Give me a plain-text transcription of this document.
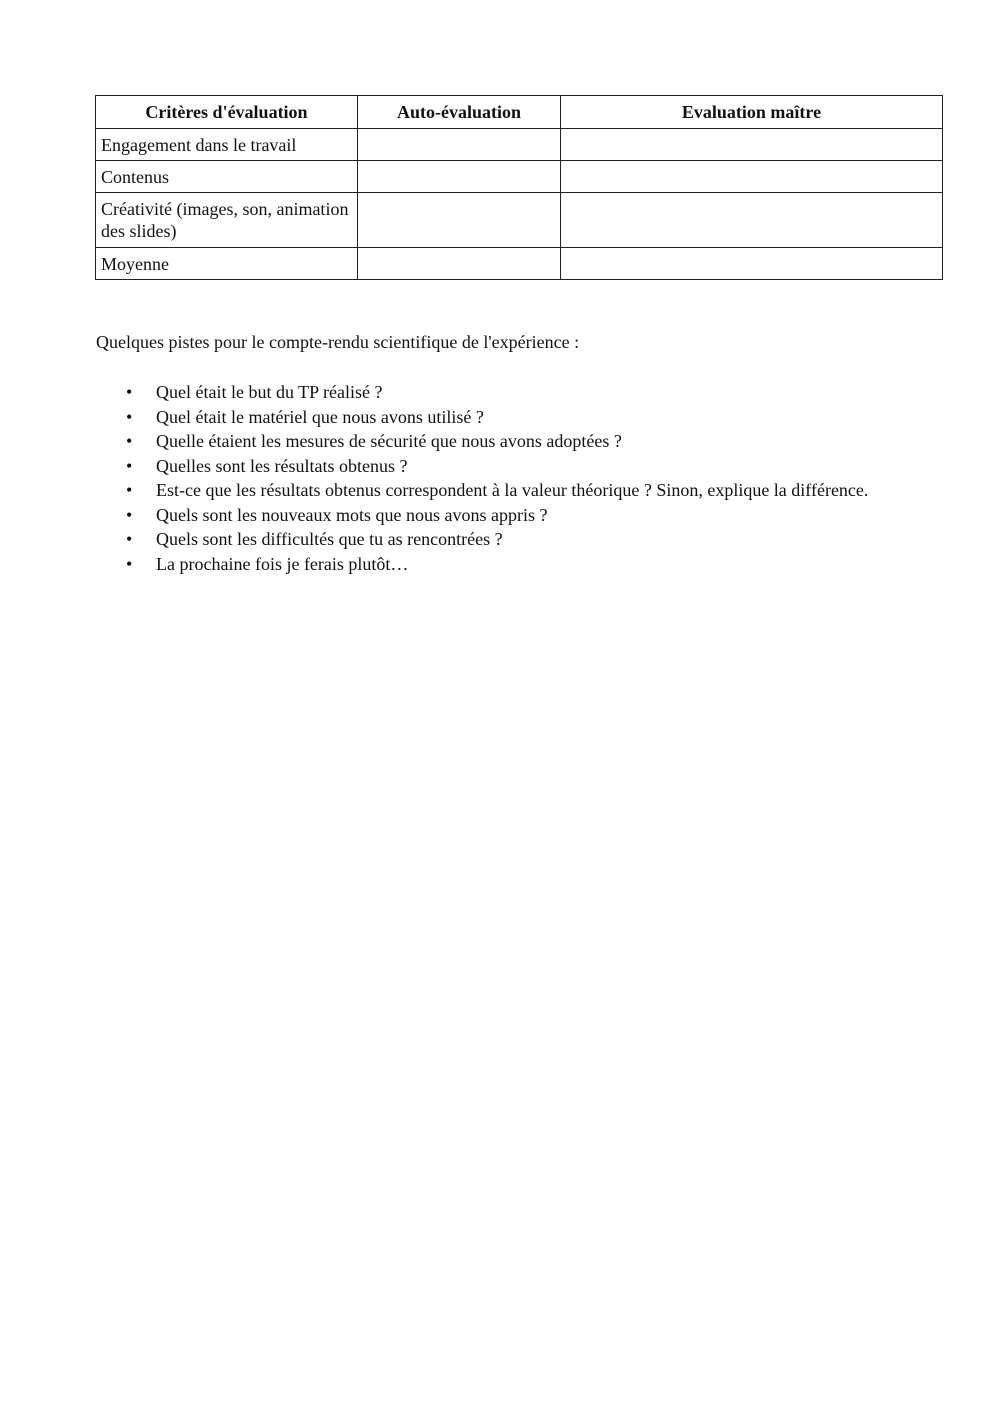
Critères d'évaluation	Auto-évaluation	Evaluation maître
Engagement dans le travail		
Contenus		
Créativité (images, son, animation des slides)		
Moyenne		

Quelques pistes pour le compte-rendu scientifique de l'expérience :

• Quel était le but du TP réalisé ?
• Quel était le matériel que nous avons utilisé ?
• Quelle étaient les mesures de sécurité que nous avons adoptées ?
• Quelles sont les résultats obtenus ?
• Est-ce que les résultats obtenus correspondent à la valeur théorique ? Sinon, explique la différence.
• Quels sont les nouveaux mots que nous avons appris ?
• Quels sont les difficultés que tu as rencontrées ?
• La prochaine fois je ferais plutôt…
